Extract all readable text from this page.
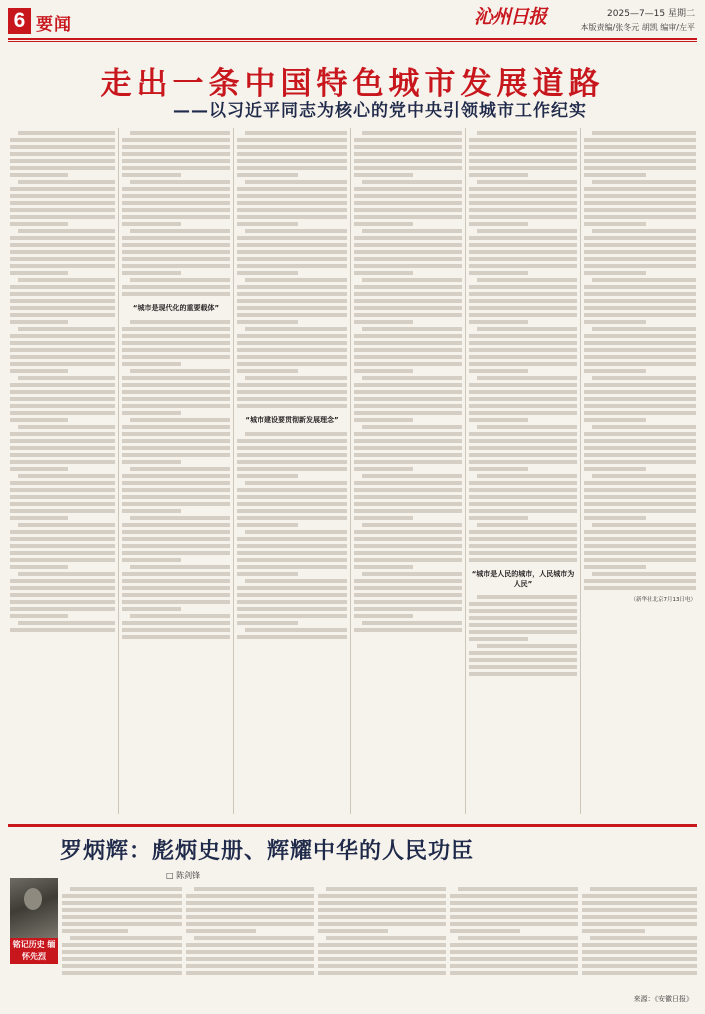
6 要闻	沁州日报	2025—7—15 星期二
本版责编/张冬元 胡凯 编审/左平
走出一条中国特色城市发展道路
——以习近平同志为核心的党中央引领城市工作纪实
“城市是现代化的重要载体”
“城市建设要贯彻新发展理念”
“城市是人民的城市，人民城市为人民”
（新华社北京7月13日电）
罗炳辉：彪炳史册、辉耀中华的人民功臣
□ 陈剑锋
铭记历史 缅怀先烈
来源：《安徽日报》
